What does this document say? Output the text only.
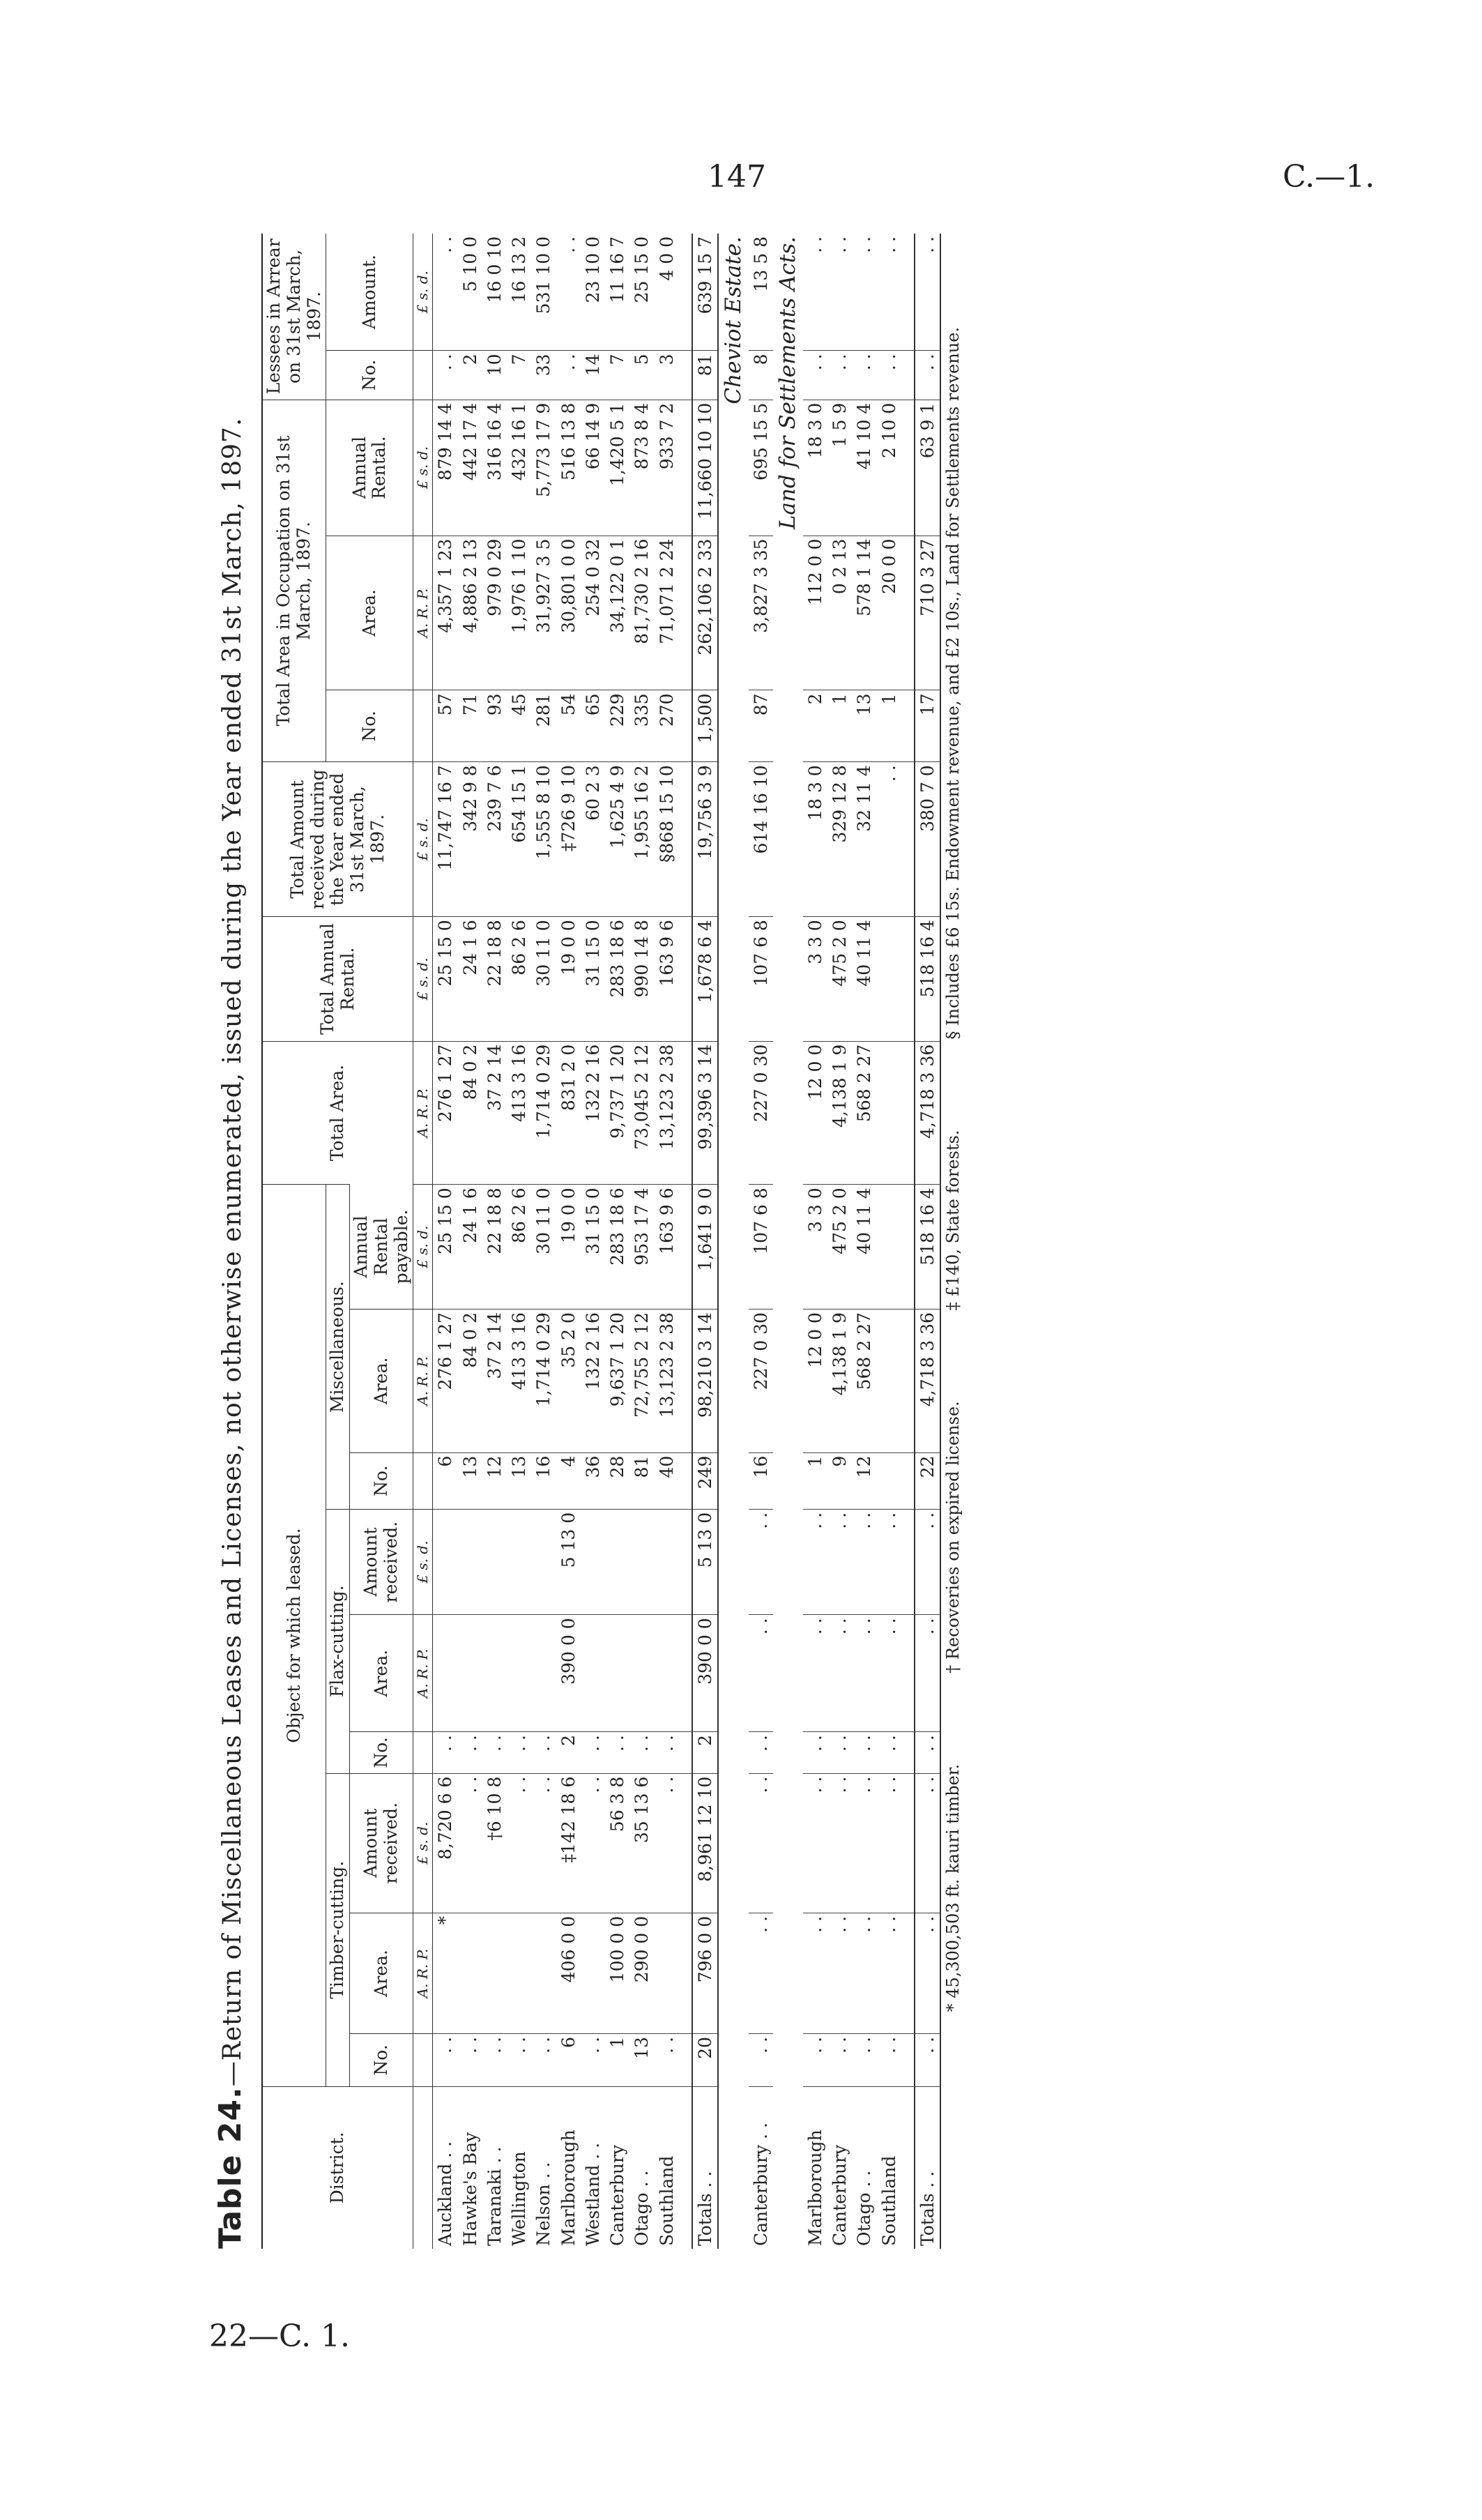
147	C.—1.
22—C. 1.
Table 24.—Return of Miscellaneous Leases and Licenses, not otherwise enumerated, issued during the Year ended 31st March, 1897.
District.	Object for which leased.									Total Area.	Total Annual Rental.	Total Amount received during the Year ended 31st March, 1897.	Total Area in Occupation on 31st March, 1897.			Lessees in Arrear on 31st March, 1897.	
	Timber-cutting.			Flax-cutting.			Miscellaneous.						No.	Area.	Annual Rental.	No.	Amount.
	No.	Area.	Amount received.	No.	Area.	Amount received.	No.	Area.	Annual Rental payable.								
		A. R. P.	£ s. d.		A. R. P.	£ s. d.		A. R. P.	£ s. d.	A. R. P.	£ s. d.	£ s. d.		A. R. P.	£ s. d.		£ s. d.
Auckland . .	. .	*	8,720 6 6	. .			6	276 1 27	25 15 0	276 1 27	25 15 0	11,747 16 7	57	4,357 1 23	879 14 4	. .	. .
Hawke's Bay	. .		. .	. .			13	84 0 2	24 1 6	84 0 2	24 1 6	342 9 8	71	4,886 2 13	442 17 4	2	5 10 0
Taranaki . .	. .		†6 10 8	. .			12	37 2 14	22 18 8	37 2 14	22 18 8	239 7 6	93	979 0 29	316 16 4	10	16 0 10
Wellington	. .		. .	. .			13	413 3 16	86 2 6	413 3 16	86 2 6	654 15 1	45	1,976 1 10	432 16 1	7	16 13 2
Nelson . .	. .		. .	. .			16	1,714 0 29	30 11 0	1,714 0 29	30 11 0	1,555 8 10	281	31,927 3 5	5,773 17 9	33	531 10 0
Marlborough	6	406 0 0	‡142 18 6	2	390 0 0	5 13 0	4	35 2 0	19 0 0	831 2 0	19 0 0	‡726 9 10	54	30,801 0 0	516 13 8	. .	. .
Westland . .	. .		. .	. .			36	132 2 16	31 15 0	132 2 16	31 15 0	60 2 3	65	254 0 32	66 14 9	14	23 10 0
Canterbury	1	100 0 0	56 3 8	. .			28	9,637 1 20	283 18 6	9,737 1 20	283 18 6	1,625 4 9	229	34,122 0 1	1,420 5 1	7	11 16 7
Otago . .	13	290 0 0	35 13 6	. .			81	72,755 2 12	953 17 4	73,045 2 12	990 14 8	1,955 16 2	335	81,730 2 16	873 8 4	5	25 15 0
Southland	. .		. .	. .			40	13,123 2 38	163 9 6	13,123 2 38	163 9 6	§868 15 10	270	71,071 2 24	933 7 2	3	4 0 0

Totals . .	20	796 0 0	8,961 12 10	2	390 0 0	5 13 0	249	98,210 3 14	1,641 9 0	99,396 3 14	1,678 6 4	19,756 3 9	1,500	262,106 2 33	11,660 10 10	81	639 15 7
Cheviot Estate.																	
Canterbury . .	. .	. .	. .	. .	. .	. .	16	227 0 30	107 6 8	227 0 30	107 6 8	614 16 10	87	3,827 3 35	695 15 5	8	13 5 8
Land for Settlements Acts.																	
Marlborough	. .	. .	. .	. .	. .	. .	1	12 0 0	3 3 0	12 0 0	3 3 0	18 3 0	2	112 0 0	18 3 0	. .	. .
Canterbury	. .	. .	. .	. .	. .	. .	9	4,138 1 9	475 2 0	4,138 1 9	475 2 0	329 12 8	1	0 2 13	1 5 9	. .	. .
Otago . .	. .	. .	. .	. .	. .	. .	12	568 2 27	40 11 4	568 2 27	40 11 4	32 11 4	13	578 1 14	41 10 4	. .	. .
Southland	. .	. .	. .	. .	. .	. .						. .	1	20 0 0	2 10 0	. .	. .

Totals . .	. .	. .	. .	. .	. .	. .	22	4,718 3 36	518 16 4	4,718 3 36	518 16 4	380 7 0	17	710 3 27	63 9 1	. .	. .
* 45,300,503 ft. kauri timber.† Recoveries on expired license.‡ £140, State forests.§ Includes £6 15s. Endowment revenue, and £2 10s., Land for Settlements revenue.																	
